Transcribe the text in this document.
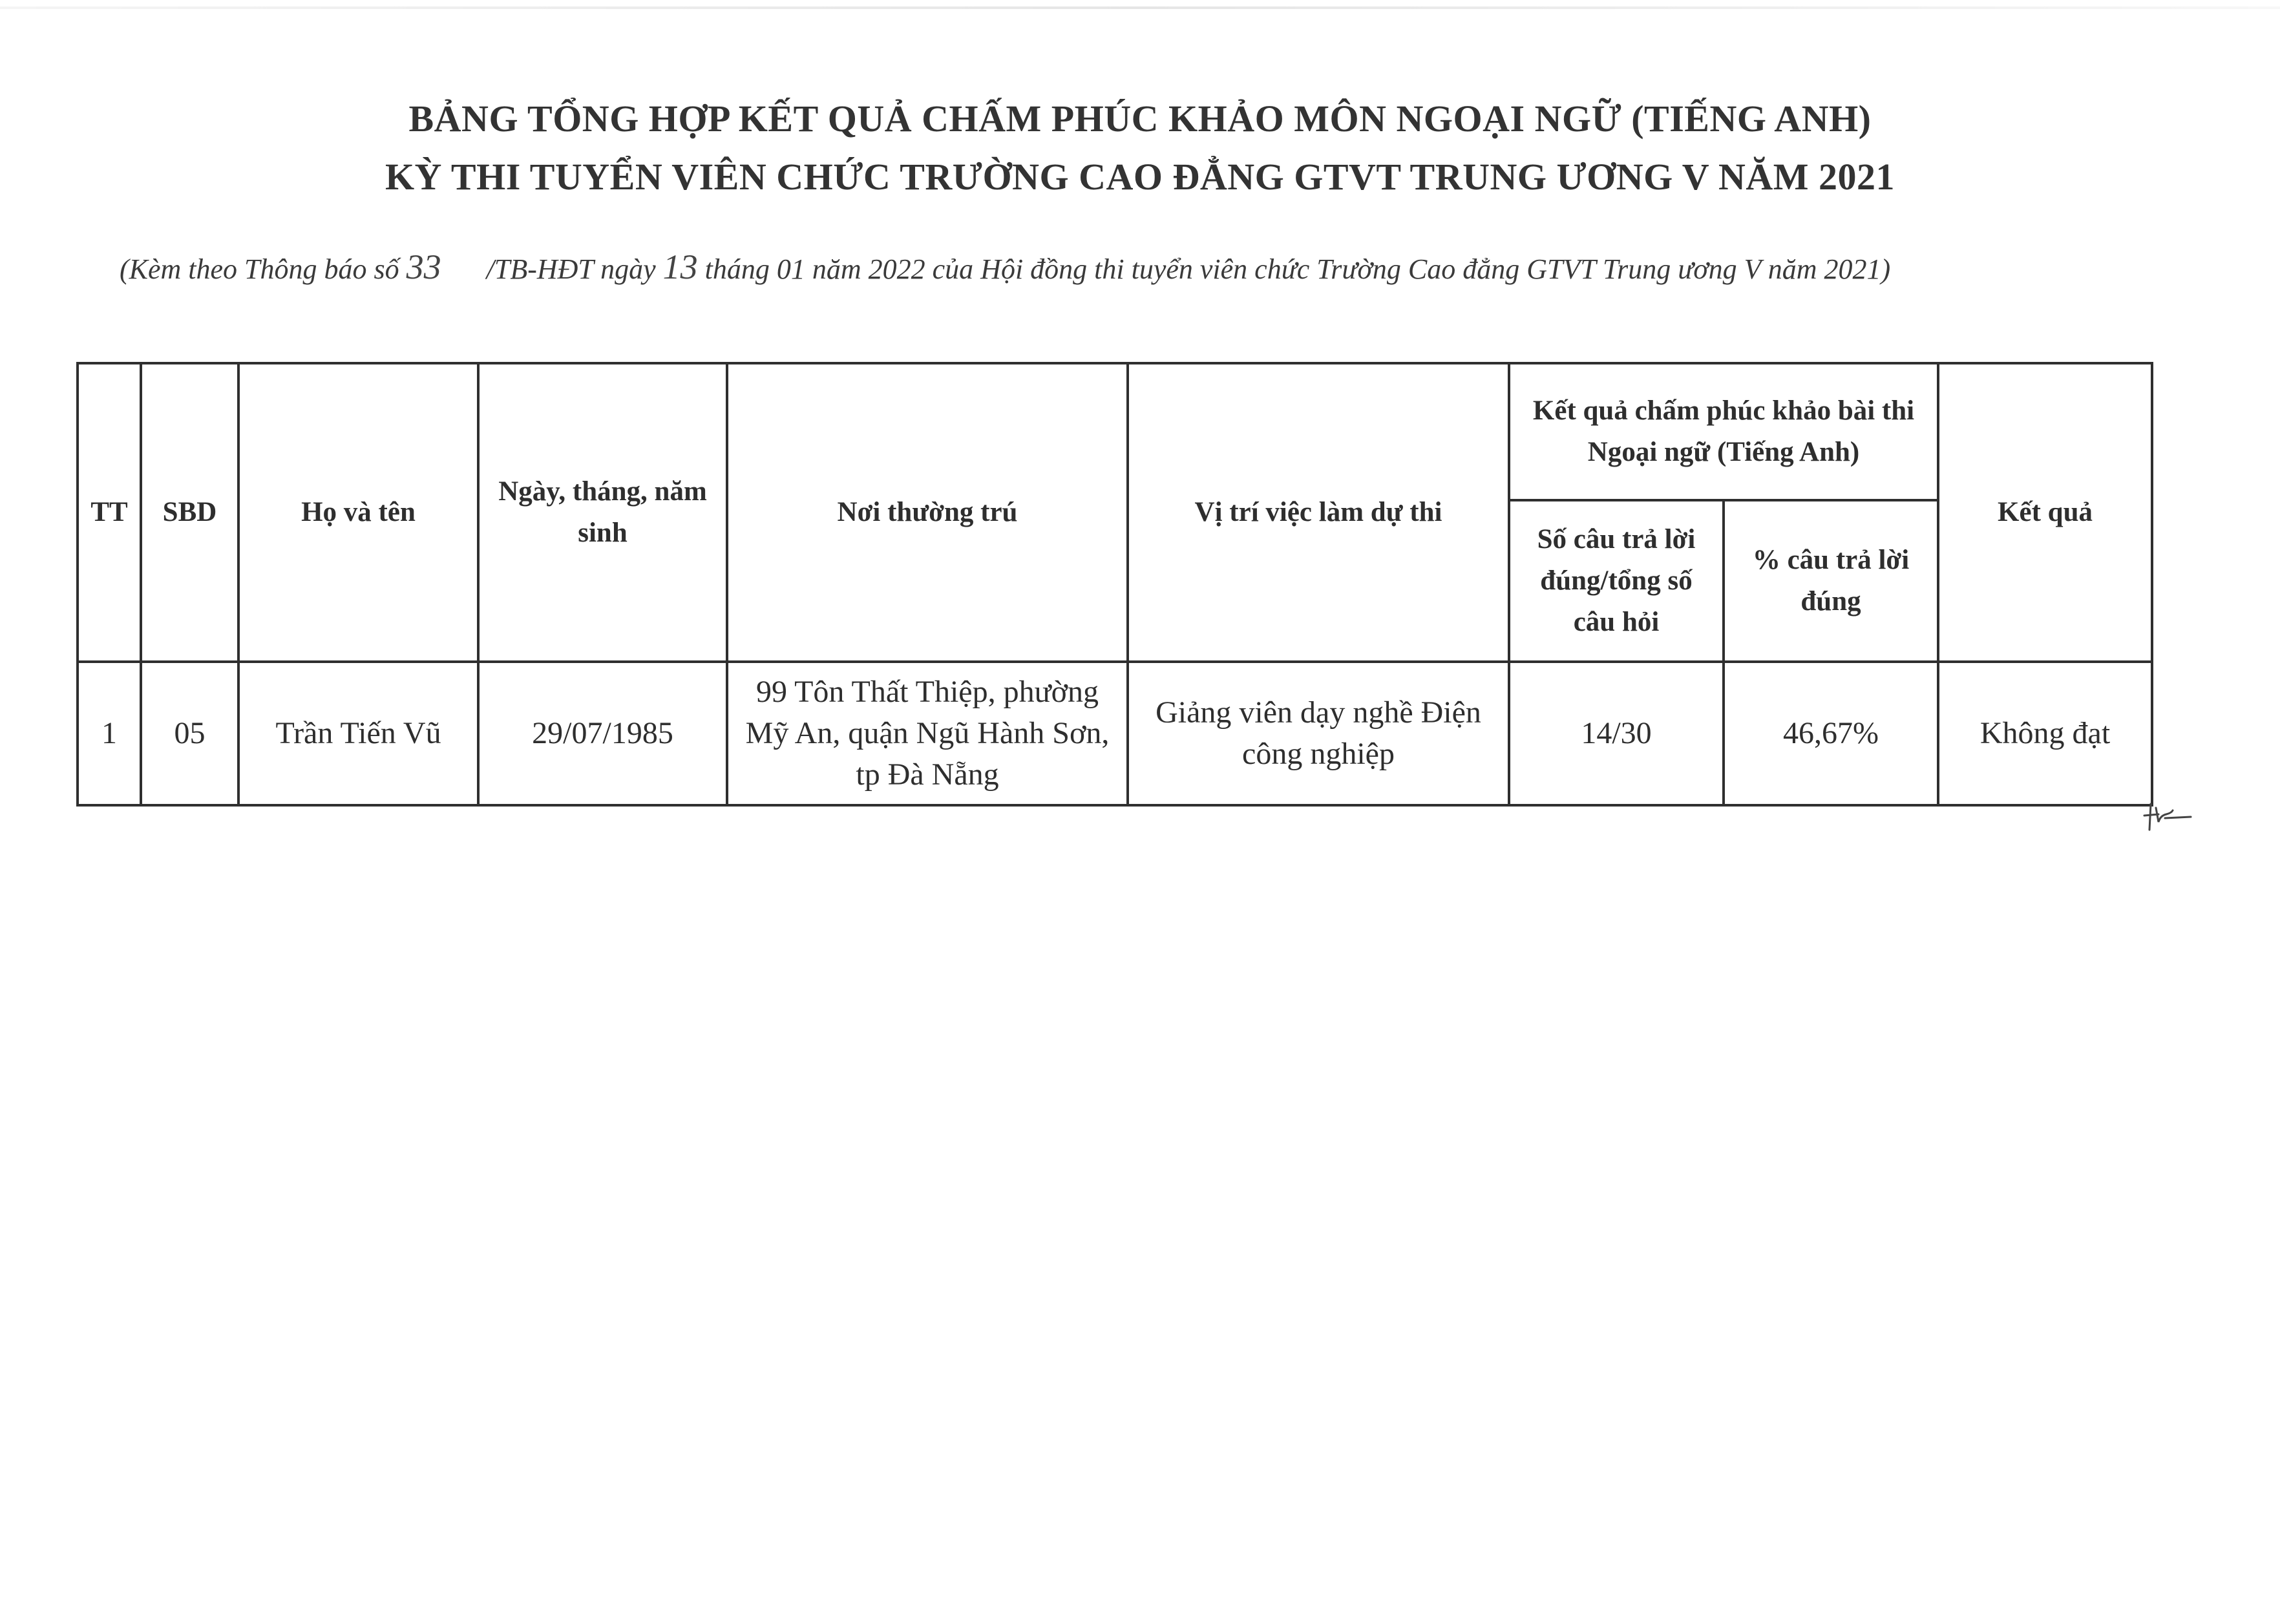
BẢNG TỔNG HỢP KẾT QUẢ CHẤM PHÚC KHẢO MÔN NGOẠI NGỮ (TIẾNG ANH)
KỲ THI TUYỂN VIÊN CHỨC TRƯỜNG CAO ĐẲNG GTVT TRUNG ƯƠNG V NĂM 2021
(Kèm theo Thông báo số 33 /TB-HĐT ngày 13 tháng 01 năm 2022 của Hội đồng thi tuyển viên chức Trường Cao đẳng GTVT Trung ương V năm 2021)
TT	SBD	Họ và tên	Ngày, tháng, năm sinh	Nơi thường trú	Vị trí việc làm dự thi	Kết quả chấm phúc khảo bài thi Ngoại ngữ (Tiếng Anh)		Kết quả
						Số câu trả lời đúng/tổng số câu hỏi	% câu trả lời đúng	
1	05	Trần Tiến Vũ	29/07/1985	99 Tôn Thất Thiệp, phường Mỹ An, quận Ngũ Hành Sơn, tp Đà Nẵng	Giảng viên dạy nghề Điện công nghiệp	14/30	46,67%	Không đạt
